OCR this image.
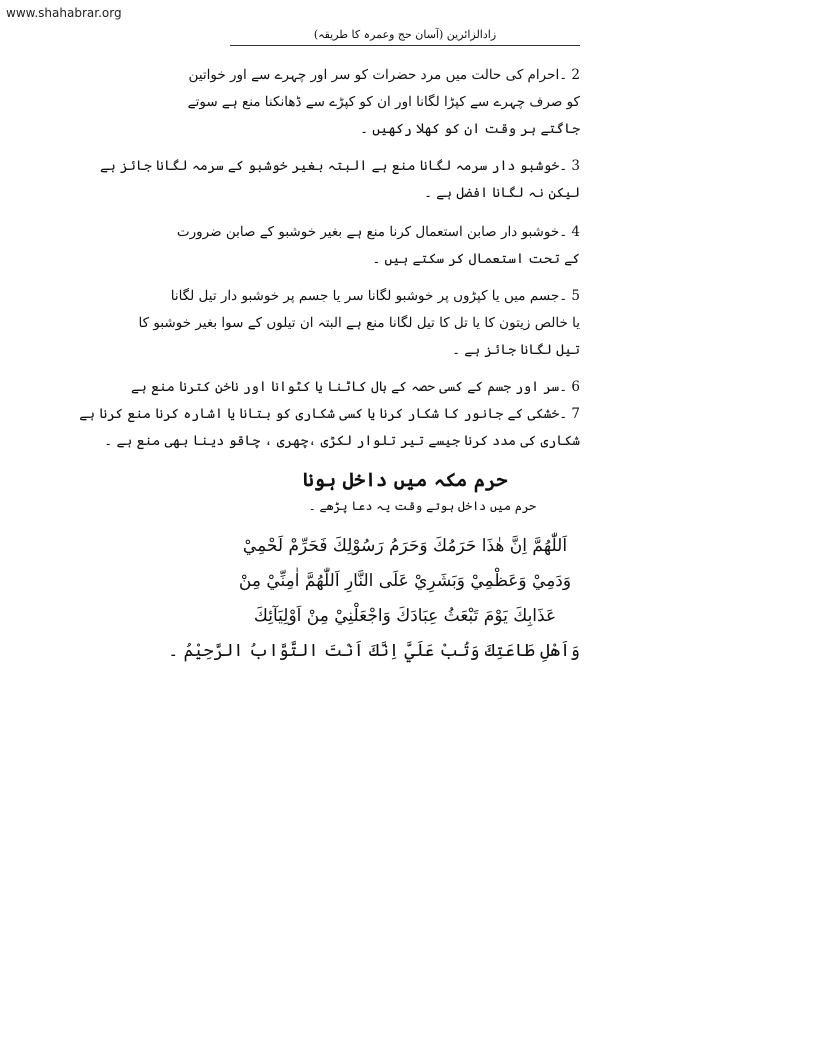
www.shahabrar.org
زادالزائرین (آسان حج وعمرہ کا طریقہ)

2 ۔احرام کی حالت میں مرد حضرات کو سر اور چہرے سے اور خواتین
کو صرف چہرے سے کپڑا لگانا اور ان کو کپڑے سے ڈھانکنا منع ہے سوتے
جاگتے ہر وقت ان کو کھلا رکھیں ۔

3 ۔خوشبو دار سرمہ لگانا منع ہے البتہ بغیر خوشبو کے سرمہ لگانا جائز ہے
لیکن نہ لگانا افضل ہے ۔

4 ۔خوشبو دار صابن استعمال کرنا منع ہے بغیر خوشبو کے صابن ضرورت
کے تحت استعمال کر سکتے ہیں ۔

5 ۔جسم میں یا کپڑوں پر خوشبو لگانا سر یا جسم پر خوشبو دار تیل لگانا
یا خالص زیتون کا یا تل کا تیل لگانا منع ہے البتہ ان تیلوں کے سوا بغیر خوشبو کا
تیل لگانا جائز ہے ۔

6 ۔سر اور جسم کے کسی حصہ کے بال کاٹنا یا کٹوانا اور ناخن کترنا منع ہے

7 ۔خشکی کے جانور کا شکار کرنا یا کسی شکاری کو بتانا یا اشارہ کرنا منع کرنا ہے
شکاری کی مدد کرنا جیسے تیر تلوار لکڑی ،چھری ، چاقو دینا بھی منع ہے ۔

حرم مکہ میں داخل ہونا
حرم میں داخل ہوتے وقت یہ دعا پڑھے ۔
اَللّٰهُمَّ اِنَّ هٰذَا حَرَمُكَ وَحَرَمُ رَسُوْلِكَ فَحَرِّمْ لَحْمِيْ
وَدَمِيْ وَعَظْمِيْ وَبَشَرِيْ عَلَى النَّارِ اَللّٰهُمَّ اٰمِنِّيْ مِنْ
عَذَابِكَ يَوْمَ تَبْعَثُ عِبَادَكَ وَاجْعَلْنِيْ مِنْ اَوْلِيَآئِكَ
وَاَهْلِ طَاعَتِكَ وَتُبْ عَلَيَّ اِنَّكَ اَنْتَ التَّوَّابُ الرَّحِيْمُ ۔
